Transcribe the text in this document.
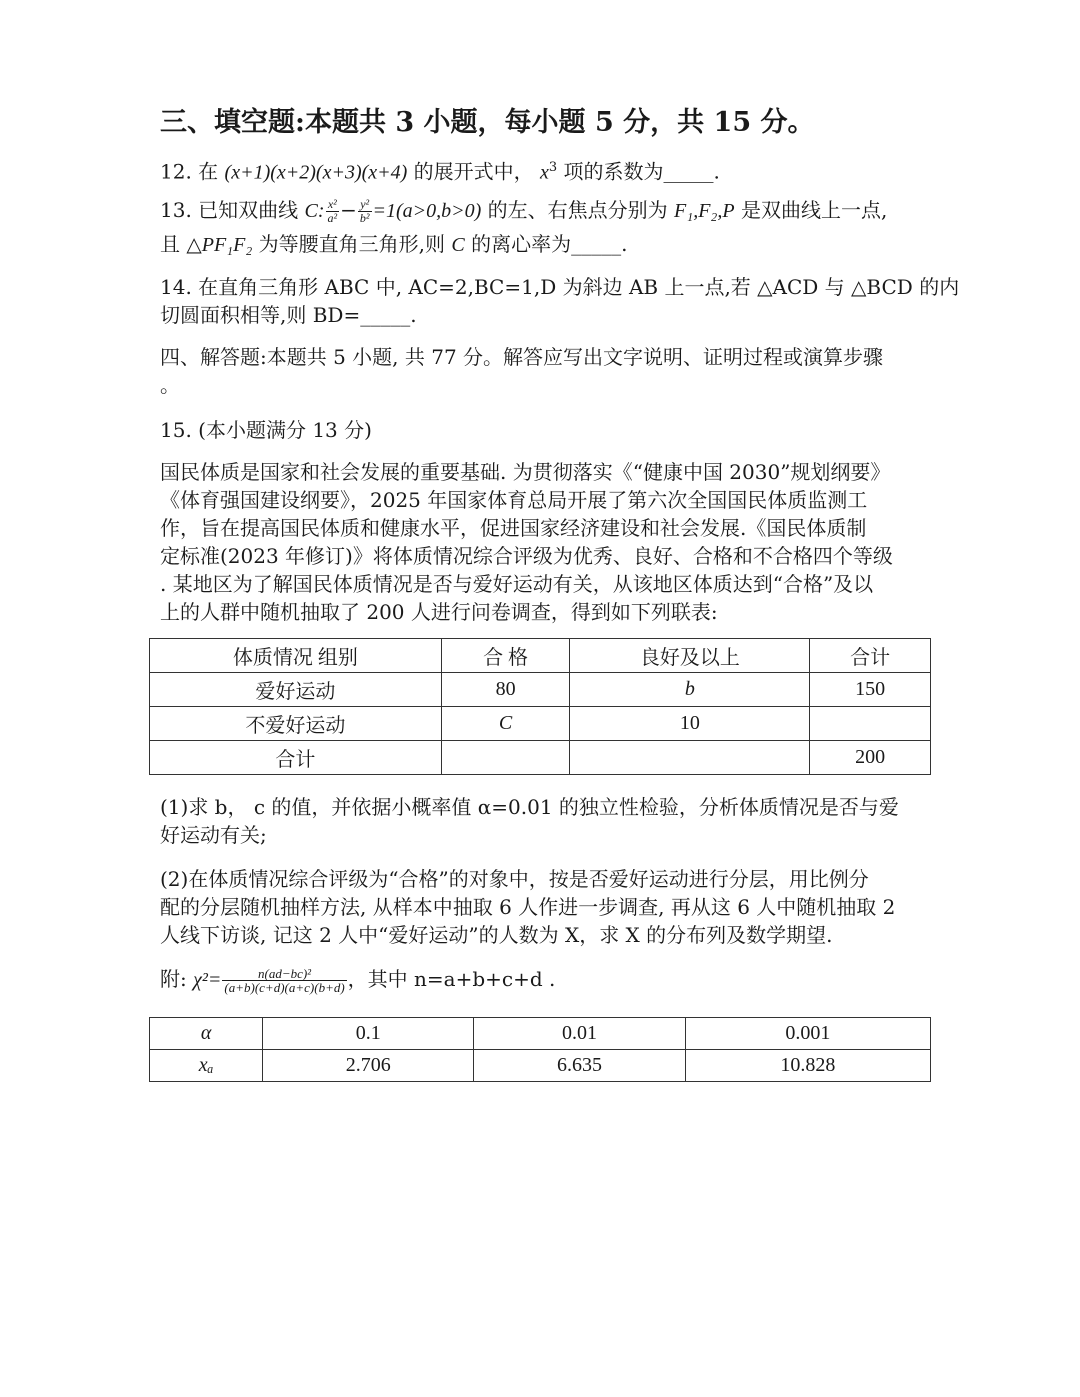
三、填空题:本题共 3 小题，每小题 5 分，共 15 分。
12. 在 (x+1)(x+2)(x+3)(x+4) 的展开式中， $x^3$ 项的系数为_____.
13. 已知双曲线 C: $\frac{\text{x²}}{\text{a²}} - \frac{\text{y²}}{\text{b²}} =1(a>0,b>0)$ 的左、右焦点分别为 F₁,F₂,P 是双曲线上一点,
且 △PF₁F₂ 为等腰直角三角形,则 C 的离心率为_____.
14. 在直角三角形 ABC 中, AC=2,BC=1,D 为斜边 AB 上一点,若 △ACD 与 △BCD 的内
切圆面积相等,则 BD=_____.
四、解答题:本题共 5 小题, 共 77 分。解答应写出文字说明、证明过程或演算步骤
。
15. (本小题满分 13 分)
国民体质是国家和社会发展的重要基础. 为贯彻落实《“健康中国 2030”规划纲要》
《体育强国建设纲要》，2025 年国家体育总局开展了第六次全国国民体质监测工
作，旨在提高国民体质和健康水平，促进国家经济建设和社会发展.《国民体质制
定标准(2023 年修订)》将体质情况综合评级为优秀、良好、合格和不合格四个等级
. 某地区为了解国民体质情况是否与爱好运动有关，从该地区体质达到“合格”及以
上的人群中随机抽取了 200 人进行问卷调查，得到如下列联表:
体质情况 组别	合 格	良好及以上	合计
爱好运动	80	b	150
不爱好运动	C	10	
合计			200
(1)求 b， c 的值，并依据小概率值 α=0.01 的独立性检验，分析体质情况是否与爱
好运动有关;
(2)在体质情况综合评级为“合格”的对象中，按是否爱好运动进行分层，用比例分
配的分层随机抽样方法, 从样本中抽取 6 人作进一步调查, 再从这 6 人中随机抽取 2
人线下访谈, 记这 2 人中“爱好运动”的人数为 X，求 X 的分布列及数学期望.
附: $\chi^2= \frac{\text{n(ad−bc)²}}{(a+b)(c+d)(a+c)(b+d)}$ ，其中 n=a+b+c+d .
α	0.1	0.01	0.001
xₐ	2.706	6.635	10.828
